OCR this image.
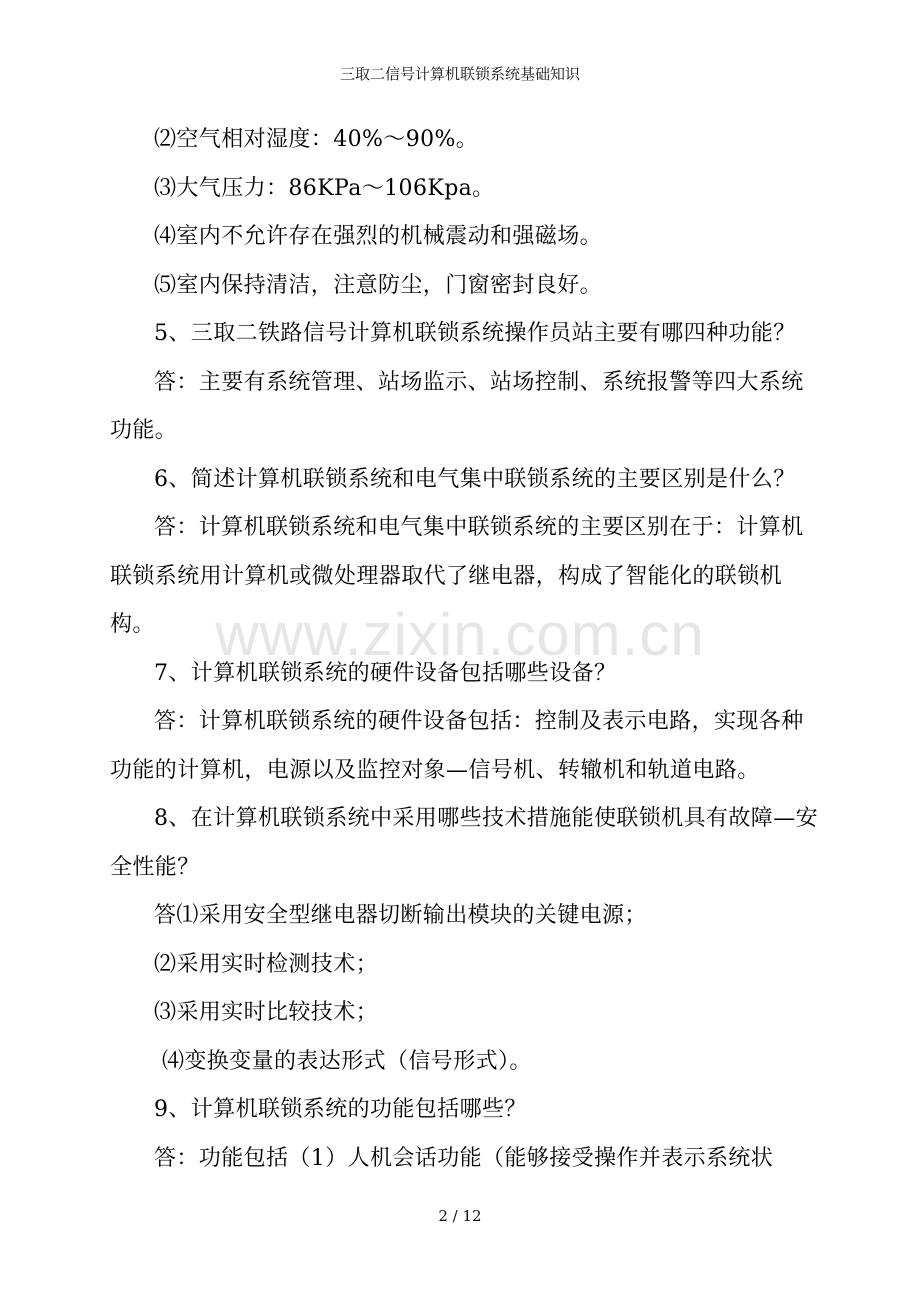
三取二信号计算机联锁系统基础知识
www.zixin.com.cn

⑵空气相对湿度：40%～90%。

⑶大气压力：86KPa～106Kpa。

⑷室内不允许存在强烈的机械震动和强磁场。

⑸室内保持清洁，注意防尘，门窗密封良好。

5、三取二铁路信号计算机联锁系统操作员站主要有哪四种功能？

答：主要有系统管理、站场监示、站场控制、系统报警等四大系统功能。

6、简述计算机联锁系统和电气集中联锁系统的主要区别是什么？

答：计算机联锁系统和电气集中联锁系统的主要区别在于：计算机联锁系统用计算机或微处理器取代了继电器，构成了智能化的联锁机构。

7、计算机联锁系统的硬件设备包括哪些设备？

答：计算机联锁系统的硬件设备包括：控制及表示电路，实现各种功能的计算机，电源以及监控对象—信号机、转辙机和轨道电路。

8、在计算机联锁系统中采用哪些技术措施能使联锁机具有故障—安全性能？

答⑴采用安全型继电器切断输出模块的关键电源；

⑵采用实时检测技术；

⑶采用实时比较技术；

⑷变换变量的表达形式（信号形式）。

9、计算机联锁系统的功能包括哪些？

答：功能包括（1）人机会话功能（能够接受操作并表示系统状

2 / 12
